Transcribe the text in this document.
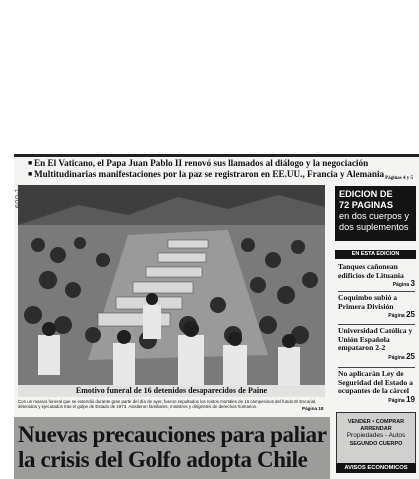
■ En El Vaticano, el Papa Juan Pablo II renovó sus llamados al diálogo y la negociación
■ Multitudinarias manifestaciones por la paz se registraron en EE.UU., Francia y Alemania Páginas 4 y 5
Emotivo funeral de 16 detenidos desaparecidos de Paine
Con un masivo funeral que se extendió durante gran parte del día de ayer, fueron sepultados los restos mortales de 16 campesinos del fundo El Escorial, detenidos y ejecutados tras el golpe de Estado de 1973. Asistieron familiares, ministros y dirigentes de derechos humanos.	Página 18
Nuevas precauciones para paliar la crisis del Golfo adopta Chile
EDICION DE
72 PAGINAS
en dos cuerpos y
dos suplementos
EN ESTA EDICION
Tanques cañonean edificios de Lituania
Página 3
Coquimbo subió a Primera División
Página 25
Universidad Católica y Unión Española empataron 2-2
Página 25
No aplicarán Ley de Seguridad del Estado a ocupantes de la cárcel
Página 19
VENDER • COMPRAR
ARRENDAR
Propiedades - Autos
SEGUNDO CUERPO
AVISOS ECONOMICOS
